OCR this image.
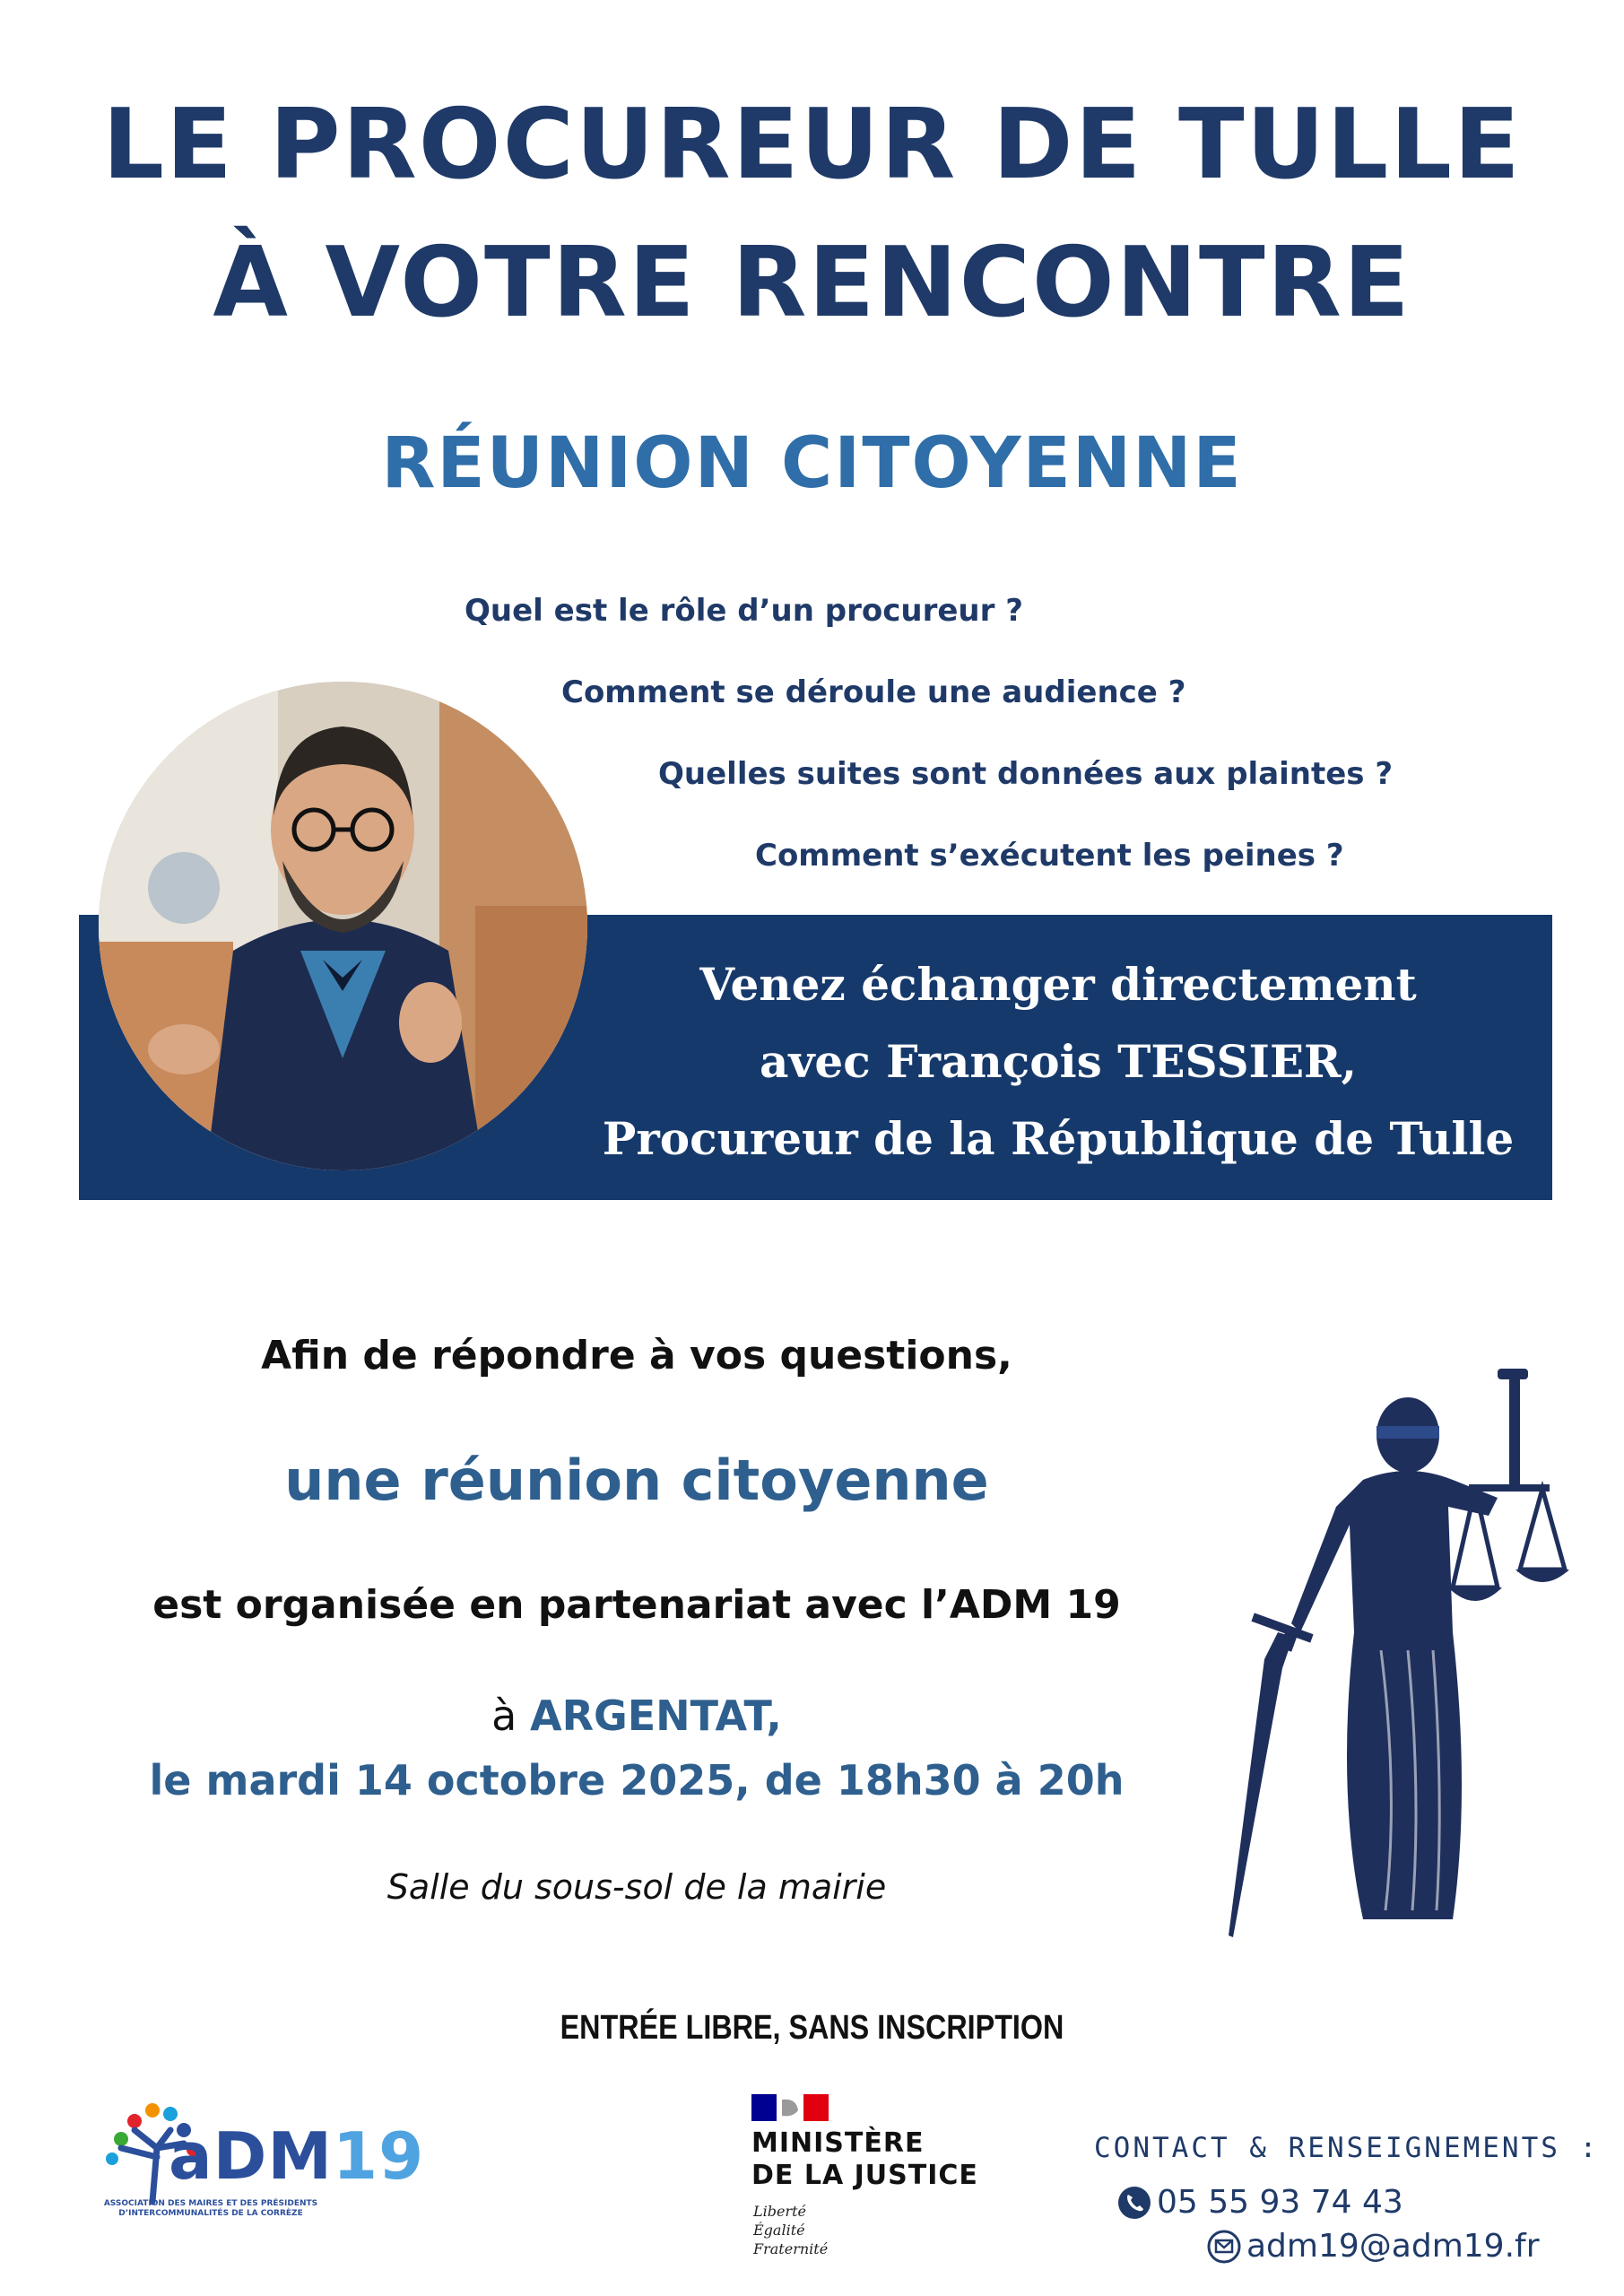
LE PROCUREUR DE TULLE
À VOTRE RENCONTRE
RÉUNION CITOYENNE
Quel est le rôle d’un procureur ?
Comment se déroule une audience ?
Quelles suites sont données aux plaintes ?
Comment s’exécutent les peines ?
Venez échanger directement
avec François TESSIER,
Procureur de la République de Tulle
Afin de répondre à vos questions,
une réunion citoyenne
est organisée en partenariat avec l’ADM 19
à ARGENTAT,
le mardi 14 octobre 2025, de 18h30 à 20h
Salle du sous-sol de la mairie
ENTRÉE LIBRE, SANS INSCRIPTION
aDM19
ASSOCIATION DES MAIRES ET DES PRÉSIDENTS D’INTERCOMMUNALITÉS DE LA CORRÈZE
MINISTÈRE
DE LA JUSTICE
Liberté
Égalité
Fraternité
CONTACT & RENSEIGNEMENTS :
05 55 93 74 43
adm19@adm19.fr
